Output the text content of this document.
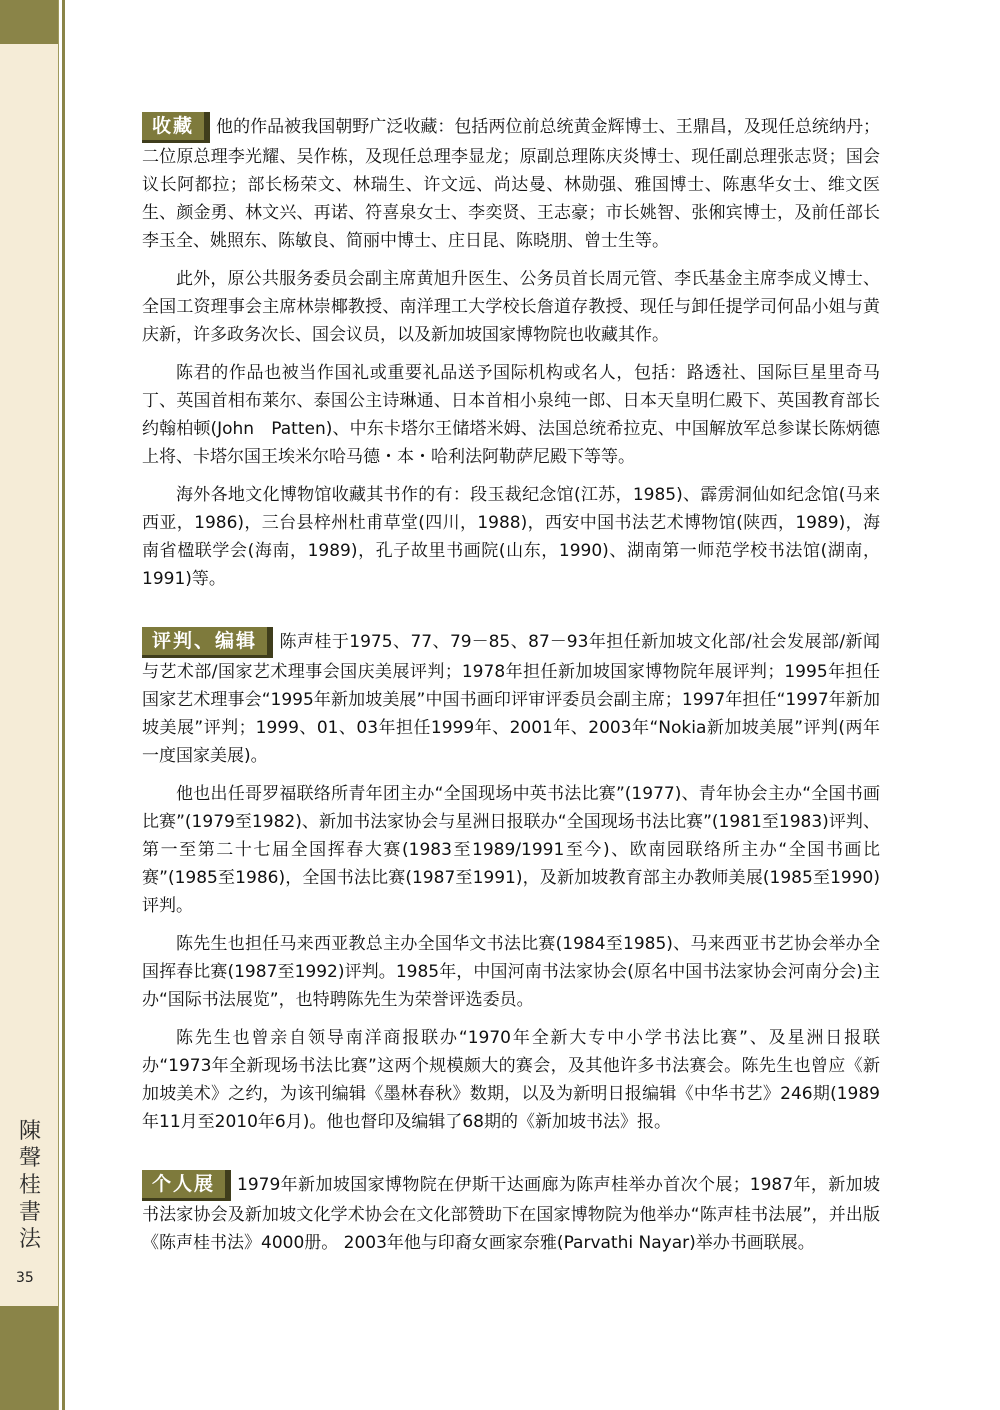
陳
聲
桂
書
法
35

收藏 他的作品被我国朝野广泛收藏：包括两位前总统黄金辉博士、王鼎昌，及现任总统纳丹；二位原总理李光耀、吴作栋，及现任总理李显龙；原副总理陈庆炎博士、现任副总理张志贤；国会议长阿都拉；部长杨荣文、林瑞生、许文远、尚达曼、林勋强、雅国博士、陈惠华女士、维文医生、颜金勇、林文兴、再诺、符喜泉女士、李奕贤、王志豪；市长姚智、张俰宾博士，及前任部长李玉全、姚照东、陈敏良、简丽中博士、庄日昆、陈晓朋、曾士生等。

此外，原公共服务委员会副主席黄旭升医生、公务员首长周元管、李氏基金主席李成义博士、全国工资理事会主席林崇椰教授、南洋理工大学校长詹道存教授、现任与卸任提学司何品小姐与黄庆新，许多政务次长、国会议员，以及新加坡国家博物院也收藏其作。

陈君的作品也被当作国礼或重要礼品送予国际机构或名人，包括：路透社、国际巨星里奇马丁、英国首相布莱尔、泰国公主诗琳通、日本首相小泉纯一郎、日本天皇明仁殿下、英国教育部长约翰柏顿(John　Patten)、中东卡塔尔王储塔米姆、法国总统希拉克、中国解放军总参谋长陈炳德上将、卡塔尔国王埃米尔哈马德・本・哈利法阿勒萨尼殿下等等。

海外各地文化博物馆收藏其书作的有：段玉裁纪念馆(江苏，1985)、霹雳洞仙如纪念馆(马来西亚，1986)，三台县梓州杜甫草堂(四川，1988)，西安中国书法艺术博物馆(陕西，1989)，海南省楹联学会(海南，1989)，孔子故里书画院(山东，1990)、湖南第一师范学校书法馆(湖南，1991)等。

评判、编辑 陈声桂于1975、77、79－85、87－93年担任新加坡文化部/社会发展部/新闻与艺术部/国家艺术理事会国庆美展评判；1978年担任新加坡国家博物院年展评判；1995年担任国家艺术理事会“1995年新加坡美展”中国书画印评审评委员会副主席；1997年担任“1997年新加坡美展”评判；1999、01、03年担任1999年、2001年、2003年“Nokia新加坡美展”评判(两年一度国家美展)。

他也出任哥罗福联络所青年团主办“全国现场中英书法比赛”(1977)、青年协会主办“全国书画比赛”(1979至1982)、新加书法家协会与星洲日报联办“全国现场书法比赛”(1981至1983)评判、第一至第二十七届全国挥春大赛(1983至1989/1991至今)、欧南园联络所主办“全国书画比赛”(1985至1986)，全国书法比赛(1987至1991)，及新加坡教育部主办教师美展(1985至1990) 评判。

陈先生也担任马来西亚教总主办全国华文书法比赛(1984至1985)、马来西亚书艺协会举办全国挥春比赛(1987至1992)评判。1985年，中国河南书法家协会(原名中国书法家协会河南分会)主办“国际书法展览”，也特聘陈先生为荣誉评选委员。

陈先生也曾亲自领导南洋商报联办“1970年全新大专中小学书法比赛”、及星洲日报联办“1973年全新现场书法比赛”这两个规模颇大的赛会，及其他许多书法赛会。陈先生也曾应《新加坡美术》之约，为该刊编辑《墨林春秋》数期，以及为新明日报编辑《中华书艺》246期(1989年11月至2010年6月)。他也督印及编辑了68期的《新加坡书法》报。

个人展 1979年新加坡国家博物院在伊斯干达画廊为陈声桂举办首次个展；1987年，新加坡书法家协会及新加坡文化学术协会在文化部赞助下在国家博物院为他举办“陈声桂书法展”，并出版《陈声桂书法》4000册。 2003年他与印裔女画家奈雅(Parvathi Nayar)举办书画联展。
